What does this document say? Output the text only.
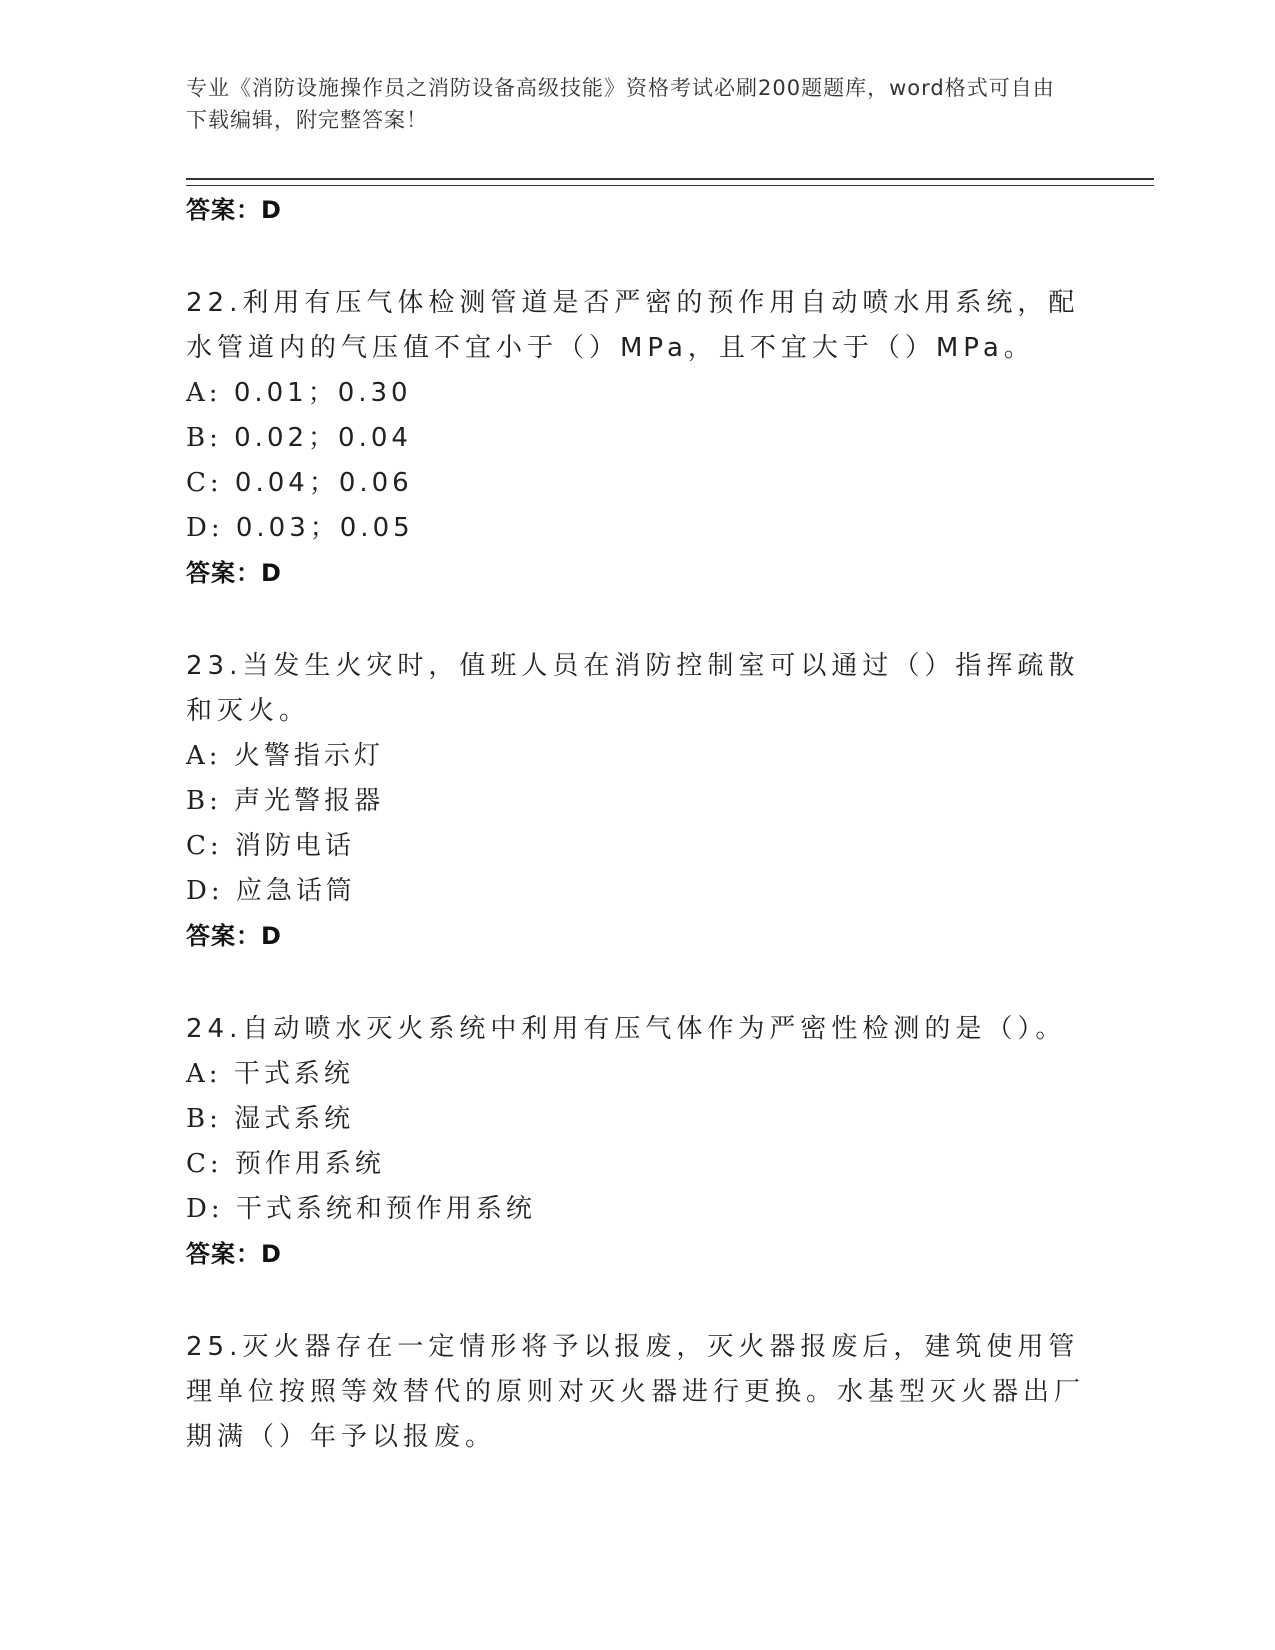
专业《消防设施操作员之消防设备高级技能》资格考试必刷200题题库，word格式可自由下载编辑，附完整答案！
答案：D
22.利用有压气体检测管道是否严密的预作用自动喷水用系统，配水管道内的气压值不宜小于（）MPa，且不宜大于（）MPa。
A: 0.01；0.30
B: 0.02；0.04
C: 0.04；0.06
D: 0.03；0.05
答案：D
23.当发生火灾时，值班人员在消防控制室可以通过（）指挥疏散和灭火。
A: 火警指示灯
B: 声光警报器
C: 消防电话
D: 应急话筒
答案：D
24.自动喷水灭火系统中利用有压气体作为严密性检测的是（）。
A: 干式系统
B: 湿式系统
C: 预作用系统
D: 干式系统和预作用系统
答案：D
25.灭火器存在一定情形将予以报废，灭火器报废后，建筑使用管理单位按照等效替代的原则对灭火器进行更换。水基型灭火器出厂期满（）年予以报废。
